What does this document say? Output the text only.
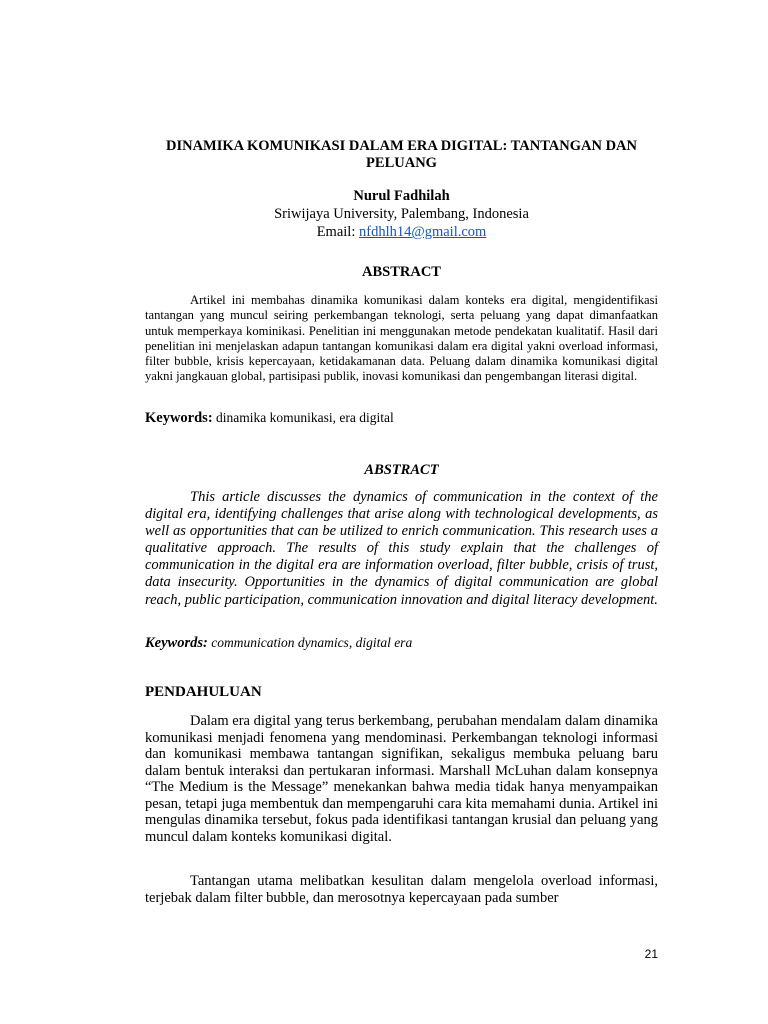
DINAMIKA KOMUNIKASI DALAM ERA DIGITAL: TANTANGAN DAN PELUANG
Nurul Fadhilah
Sriwijaya University, Palembang, Indonesia
Email: nfdhlh14@gmail.com
ABSTRACT
Artikel ini membahas dinamika komunikasi dalam konteks era digital, mengidentifikasi tantangan yang muncul seiring perkembangan teknologi, serta peluang yang dapat dimanfaatkan untuk memperkaya kominikasi. Penelitian ini menggunakan metode pendekatan kualitatif. Hasil dari penelitian ini menjelaskan adapun tantangan komunikasi dalam era digital yakni overload informasi, filter bubble, krisis kepercayaan, ketidakamanan data. Peluang dalam dinamika komunikasi digital yakni jangkauan global, partisipasi publik, inovasi komunikasi dan pengembangan literasi digital.
Keywords: dinamika komunikasi, era digital
ABSTRACT
This article discusses the dynamics of communication in the context of the digital era, identifying challenges that arise along with technological developments, as well as opportunities that can be utilized to enrich communication. This research uses a qualitative approach. The results of this study explain that the challenges of communication in the digital era are information overload, filter bubble, crisis of trust, data insecurity. Opportunities in the dynamics of digital communication are global reach, public participation, communication innovation and digital literacy development.
Keywords: communication dynamics, digital era
PENDAHULUAN
Dalam era digital yang terus berkembang, perubahan mendalam dalam dinamika komunikasi menjadi fenomena yang mendominasi. Perkembangan teknologi informasi dan komunikasi membawa tantangan signifikan, sekaligus membuka peluang baru dalam bentuk interaksi dan pertukaran informasi. Marshall McLuhan dalam konsepnya “The Medium is the Message” menekankan bahwa media tidak hanya menyampaikan pesan, tetapi juga membentuk dan mempengaruhi cara kita memahami dunia. Artikel ini mengulas dinamika tersebut, fokus pada identifikasi tantangan krusial dan peluang yang muncul dalam konteks komunikasi digital.
Tantangan utama melibatkan kesulitan dalam mengelola overload informasi, terjebak dalam filter bubble, dan merosotnya kepercayaan pada sumber
21
